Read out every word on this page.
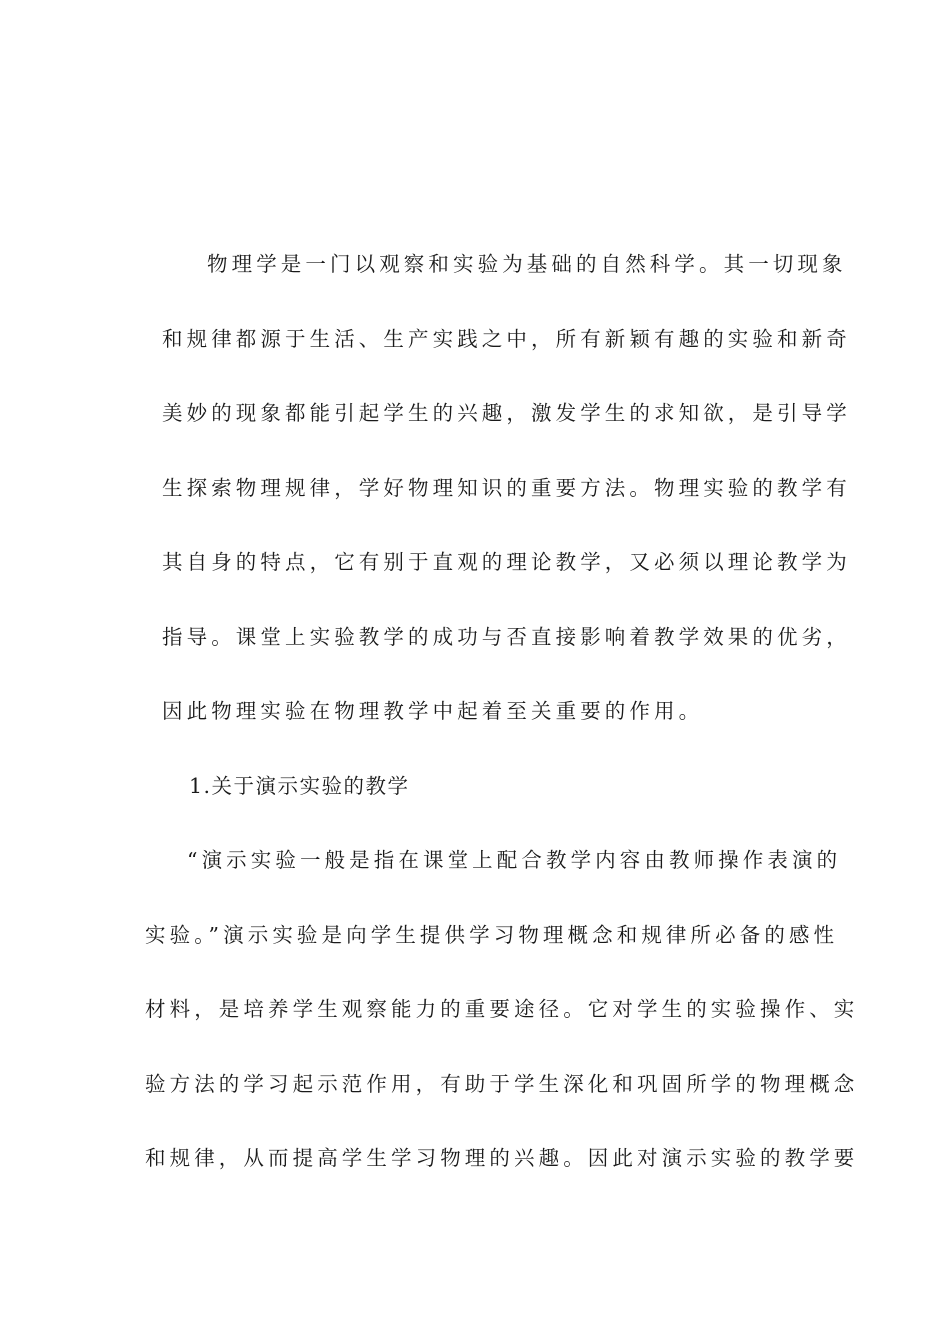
物理学是一门以观察和实验为基础的自然科学。其一切现象
和规律都源于生活、生产实践之中，所有新颖有趣的实验和新奇
美妙的现象都能引起学生的兴趣，激发学生的求知欲，是引导学
生探索物理规律，学好物理知识的重要方法。物理实验的教学有
其自身的特点，它有别于直观的理论教学，又必须以理论教学为
指导。课堂上实验教学的成功与否直接影响着教学效果的优劣，
因此物理实验在物理教学中起着至关重要的作用。
1.关于演示实验的教学
“演示实验一般是指在课堂上配合教学内容由教师操作表演的
实验。”演示实验是向学生提供学习物理概念和规律所必备的感性
材料，是培养学生观察能力的重要途径。它对学生的实验操作、实
验方法的学习起示范作用，有助于学生深化和巩固所学的物理概念
和规律，从而提高学生学习物理的兴趣。因此对演示实验的教学要
